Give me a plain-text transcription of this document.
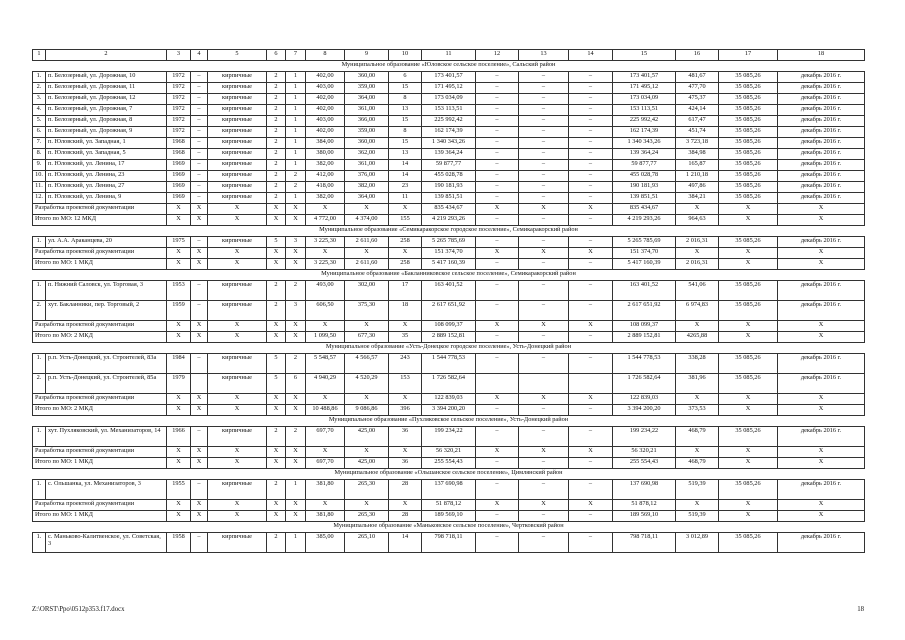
1	2	3	4	5	6	7	8	9	10	11	12	13	14	15	16	17	18
Муниципальное образование «Юловское сельское поселение», Сальский район																	
1.	п. Белозерный, ул. Дорожная, 10	1972	–	кирпичные	2	1	402,00	360,00	6	173 401,57	–	–	–	173 401,57	481,67	35 085,26	декабрь 2016 г.
2.	п. Белозерный, ул. Дорожная, 11	1972	–	кирпичные	2	1	403,00	359,00	15	171 495,12	–	–	–	171 495,12	477,70	35 085,26	декабрь 2016 г.
3.	п. Белозерный, ул. Дорожная, 12	1972	–	кирпичные	2	1	402,00	364,00	8	173 034,09	–	–	–	173 034,09	475,37	35 085,26	декабрь 2016 г.
4.	п. Белозерный, ул. Дорожная, 7	1972	–	кирпичные	2	1	402,00	361,00	13	153 113,51	–	–	–	153 113,51	424,14	35 085,26	декабрь 2016 г.
5.	п. Белозерный, ул. Дорожная, 8	1972	–	кирпичные	2	1	403,00	366,00	15	225 992,42	–	–	–	225 992,42	617,47	35 085,26	декабрь 2016 г.
6.	п. Белозерный, ул. Дорожная, 9	1972	–	кирпичные	2	1	402,00	359,00	8	162 174,39	–	–	–	162 174,39	451,74	35 085,26	декабрь 2016 г.
7.	п. Юловский, ул. Западная, 1	1968	–	кирпичные	2	1	384,00	360,00	15	1 340 343,26	–	–	–	1 340 343,26	3 723,18	35 085,26	декабрь 2016 г.
8.	п. Юловский, ул. Западная, 5	1968	–	кирпичные	2	1	380,00	362,00	13	139 364,24	–	–	–	139 364,24	384,98	35 085,26	декабрь 2016 г.
9.	п. Юловский, ул. Ленина, 17	1969	–	кирпичные	2	1	382,00	361,00	14	59 877,77	–	–	–	59 877,77	165,87	35 085,26	декабрь 2016 г.
10.	п. Юловский, ул. Ленина, 23	1969	–	кирпичные	2	2	412,00	376,00	14	455 028,78	–	–	–	455 028,78	1 210,18	35 085,26	декабрь 2016 г.
11.	п. Юловский, ул. Ленина, 27	1969	–	кирпичные	2	2	418,00	382,00	23	190 181,93	–	–	–	190 181,93	497,86	35 085,26	декабрь 2016 г.
12.	п. Юловский, ул. Ленина, 9	1969	–	кирпичные	2	1	382,00	364,00	11	139 851,51	–	–	–	139 851,51	384,21	35 085,26	декабрь 2016 г.
Разработка проектной документации		X	X	X	X	X	X	X	X	835 434,67	X	X	X	835 434,67	X	X	X
Итого по МО: 12 МКД		X	X	X	X	X	4 772,00	4 374,00	155	4 219 293,26	–	–	–	4 219 293,26	964,63	X	X
Муниципальное образование «Семикаракорское городское поселение», Семикаракорский район																	
1.	ул. А.А. Араканцева, 20	1975	–	кирпичные	5	3	3 225,30	2 611,60	258	5 265 785,69	–	–	–	5 265 785,69	2 016,31	35 085,26	декабрь 2016 г.
Разработка проектной документации		X	X	X	X	X	X	X	X	151 374,70	X	X	X	151 374,70	X	X	X
Итого по МО: 1 МКД		X	X	X	X	X	3 225,30	2 611,60	258	5 417 160,39	–	–	–	5 417 160,39	2 016,31	X	X
Муниципальное образование «Бакланниковское сельское поселение», Семикаракорский район																	
1.	п. Нижний Саловск, ул. Торговая, 3	1953	–	кирпичные	2	2	493,00	302,00	17	163 401,52	–	–	–	163 401,52	541,06	35 085,26	декабрь 2016 г.
2.	хут. Бакланники, пер. Торговый, 2	1959	–	кирпичные	2	3	606,50	375,30	18	2 617 651,92	–	–	–	2 617 651,92	6 974,83	35 085,26	декабрь 2016 г.
Разработка проектной документации		X	X	X	X	X	X	X	X	108 099,37	X	X	X	108 099,37	X	X	X
Итого по МО: 2 МКД		X	X	X	X	X	1 099,50	677,30	35	2 889 152,81	–	–	–	2 889 152,81	4265,88	X	X
Муниципальное образование «Усть-Донецкое городское поселение», Усть-Донецкий район																	
1.	р.п. Усть-Донецкий, ул. Строителей, 83а	1984	–	кирпичные	5	2	5 548,57	4 566,57	243	1 544 778,53	–	–	–	1 544 778,53	338,28	35 085,26	декабрь 2016 г.
2.	р.п. Усть-Донецкий, ул. Строителей, 85а	1979		кирпичные	5	6	4 940,29	4 520,29	153	1 726 582,64				1 726 582,64	381,96	35 085,26	декабрь 2016 г.
Разработка проектной документации		X	X	X	X	X	X	X	X	122 839,03	X	X	X	122 839,03	X	X	X
Итого по МО: 2 МКД		X	X	X	X	X	10 488,86	9 086,86	396	3 394 200,20	–	–	–	3 394 200,20	373,53	X	X
Муниципальное образование «Пухляковское сельское поселение», Усть-Донецкий район																	
1.	хут. Пухляковский, ул. Механизаторов, 14	1966	–	кирпичные	2	2	697,70	425,00	36	199 234,22	–	–	–	199 234,22	468,79	35 085,26	декабрь 2016 г.
Разработка проектной документации		X	X	X	X	X	X	X	X	56 320,21	X	X	X	56 320,21	X	X	X
Итого по МО: 1 МКД		X	X	X	X	X	697,70	425,00	36	255 554,43	–	–	–	255 554,43	468,79	X	X
Муниципальное образование «Ольшанское сельское поселение», Цимлянский район																	
1.	с. Ольшанка, ул. Механизаторов, 3	1955	–	кирпичные	2	1	381,80	265,30	28	137 690,98	–	–	–	137 690,98	519,39	35 085,26	декабрь 2016 г.
Разработка проектной документации		X	X	X	X	X	X	X	X	51 878,12	X	X	X	51 878,12	X	X	X
Итого по МО: 1 МКД		X	X	X	X	X	381,80	265,30	28	189 569,10	–	–	–	189 569,10	519,39	X	X
Муниципальное образование «Маньковское сельское поселение», Чертковский район																	
1.	с. Маньково-Калитвенское, ул. Советская, 3	1958	–	кирпичные	2	1	385,00	265,10	14	798 718,11	–	–	–	798 718,11	3 012,89	35 085,26	декабрь 2016 г.
Z:\ORST\Ppo\0512p353.f17.docx	18
